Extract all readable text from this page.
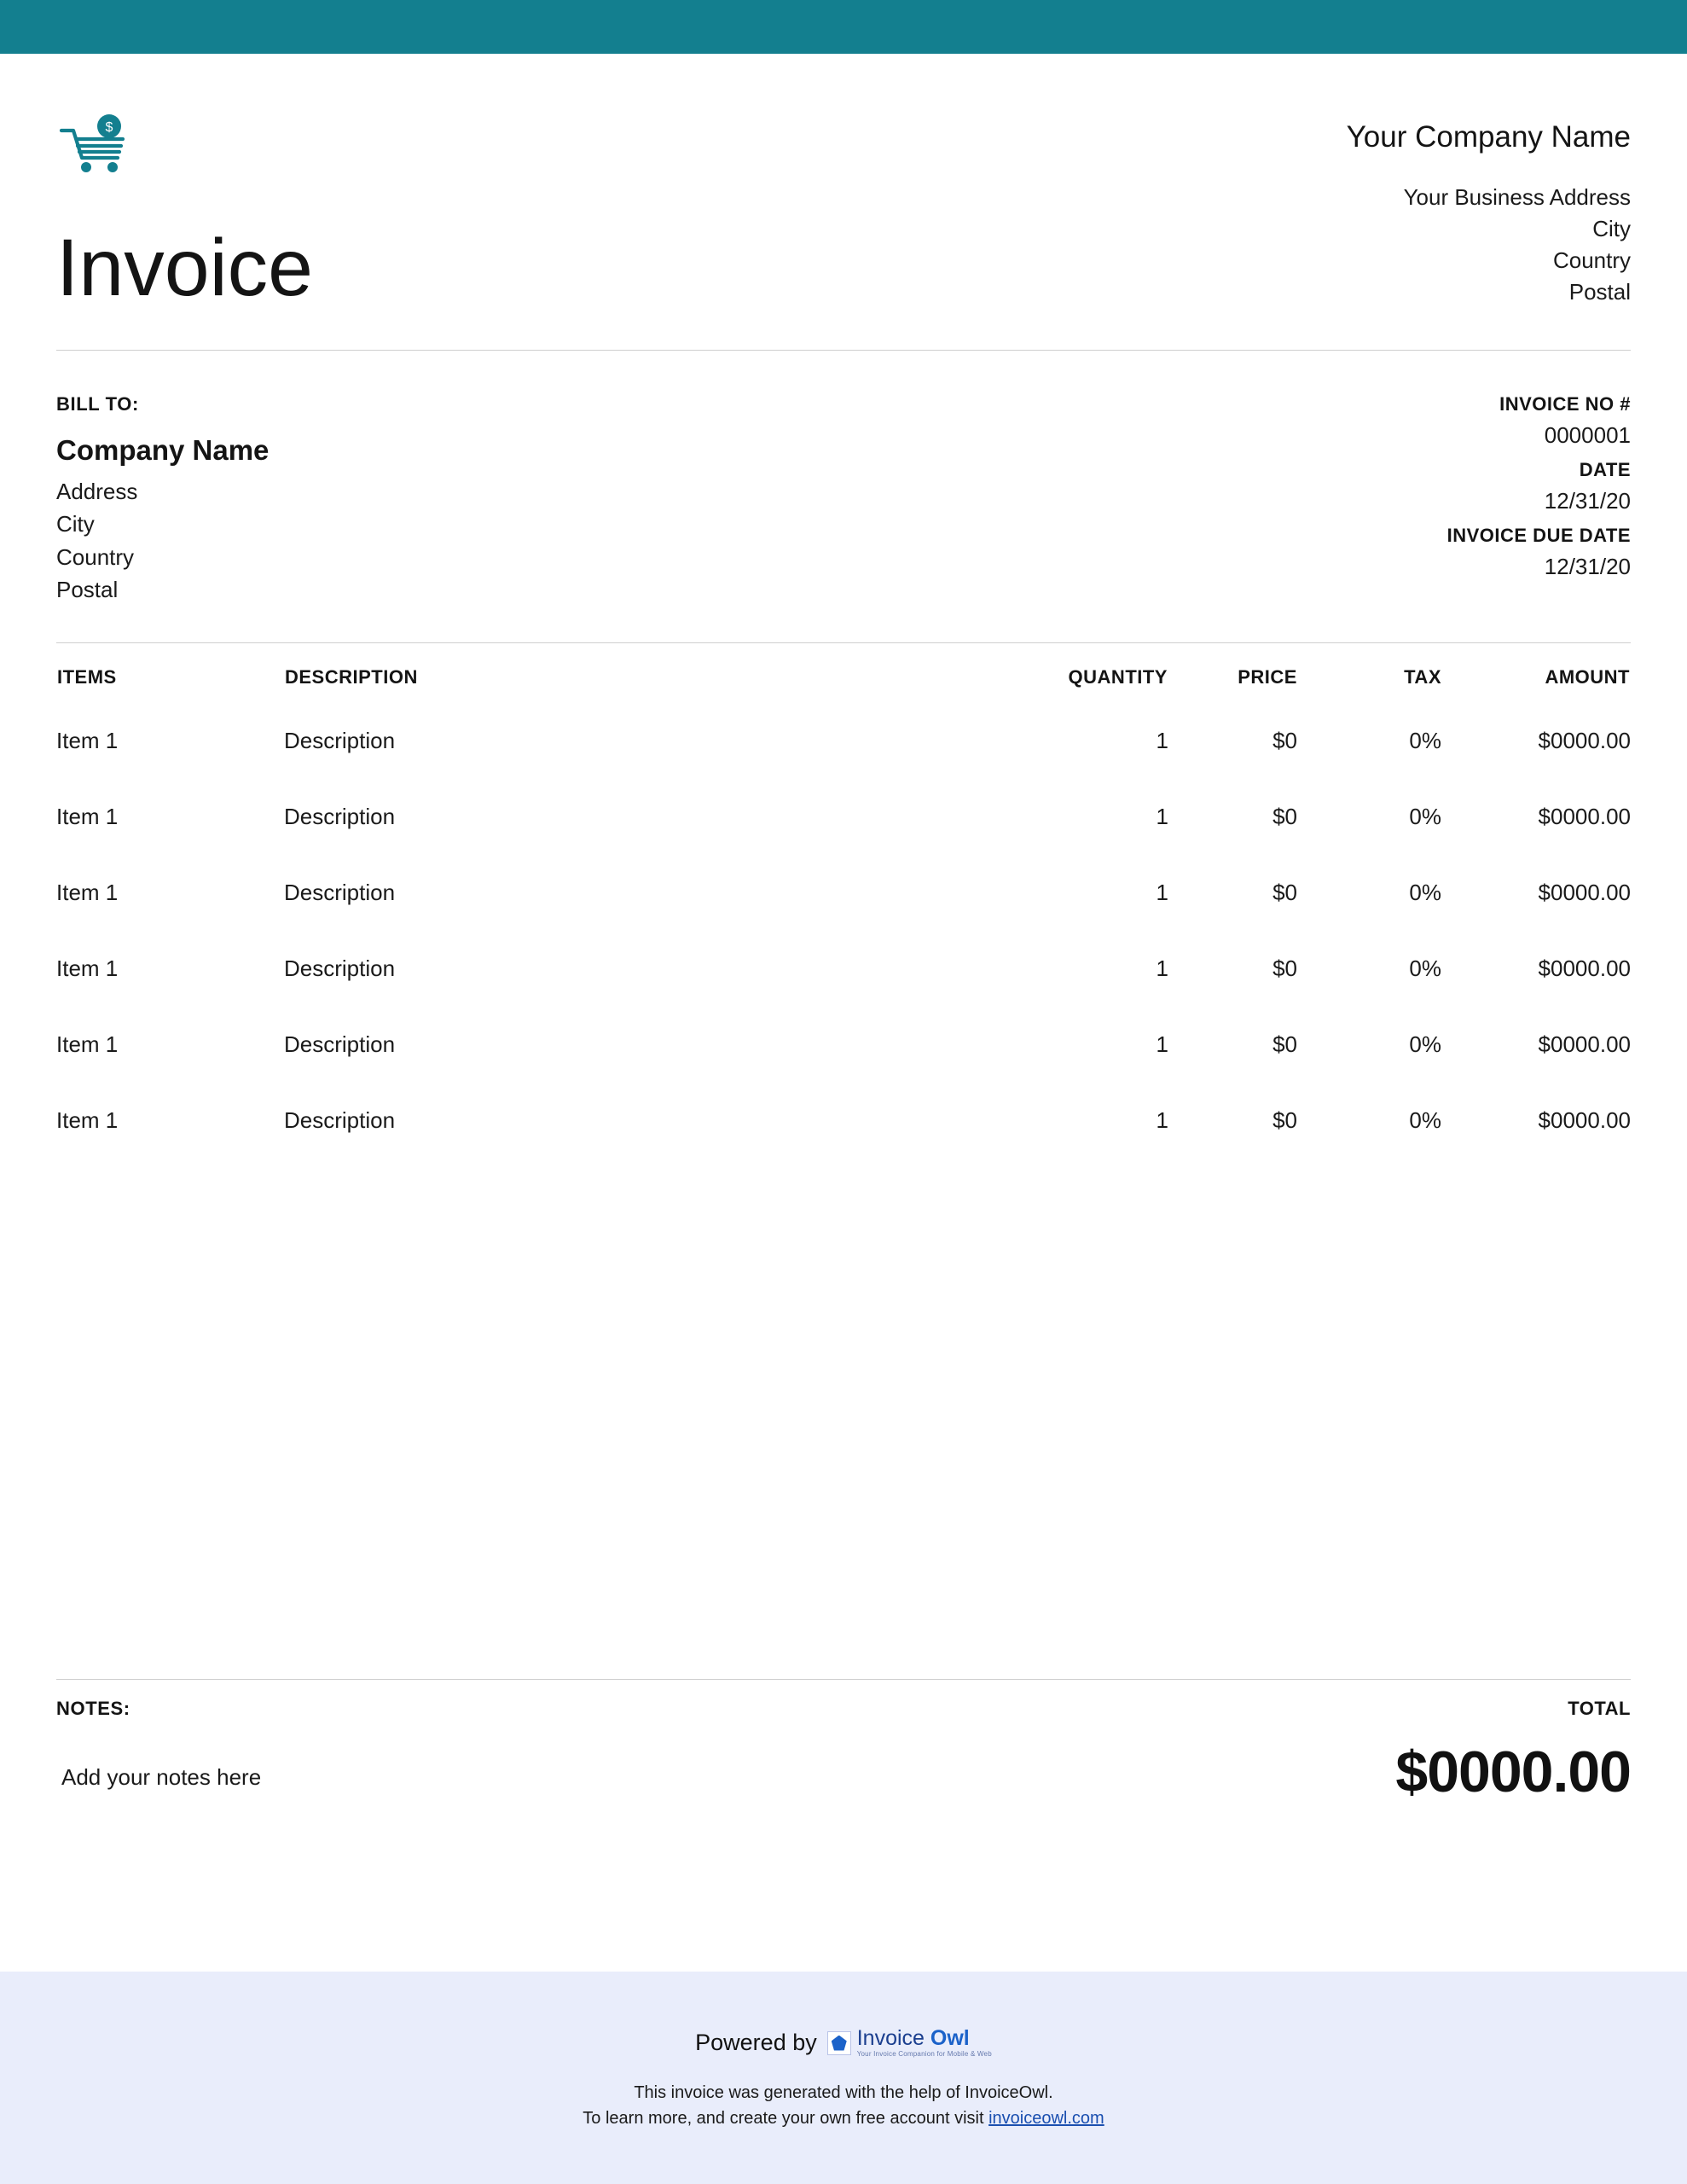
$
Invoice
Your Company Name
Your Business Address
City
Country
Postal
BILL TO:
Company Name
Address
City
Country
Postal
INVOICE NO #
0000001
DATE
12/31/20
INVOICE DUE DATE
12/31/20
ITEMS	DESCRIPTION	QUANTITY	PRICE	TAX	AMOUNT
Item 1	Description	1	$0	0%	$0000.00
Item 1	Description	1	$0	0%	$0000.00
Item 1	Description	1	$0	0%	$0000.00
Item 1	Description	1	$0	0%	$0000.00
Item 1	Description	1	$0	0%	$0000.00
Item 1	Description	1	$0	0%	$0000.00
NOTES:
Add your notes here
TOTAL
$0000.00
Powered by Invoice Owl
Your Invoice Companion for Mobile & Web
This invoice was generated with the help of InvoiceOwl.
To learn more, and create your own free account visit invoiceowl.com
